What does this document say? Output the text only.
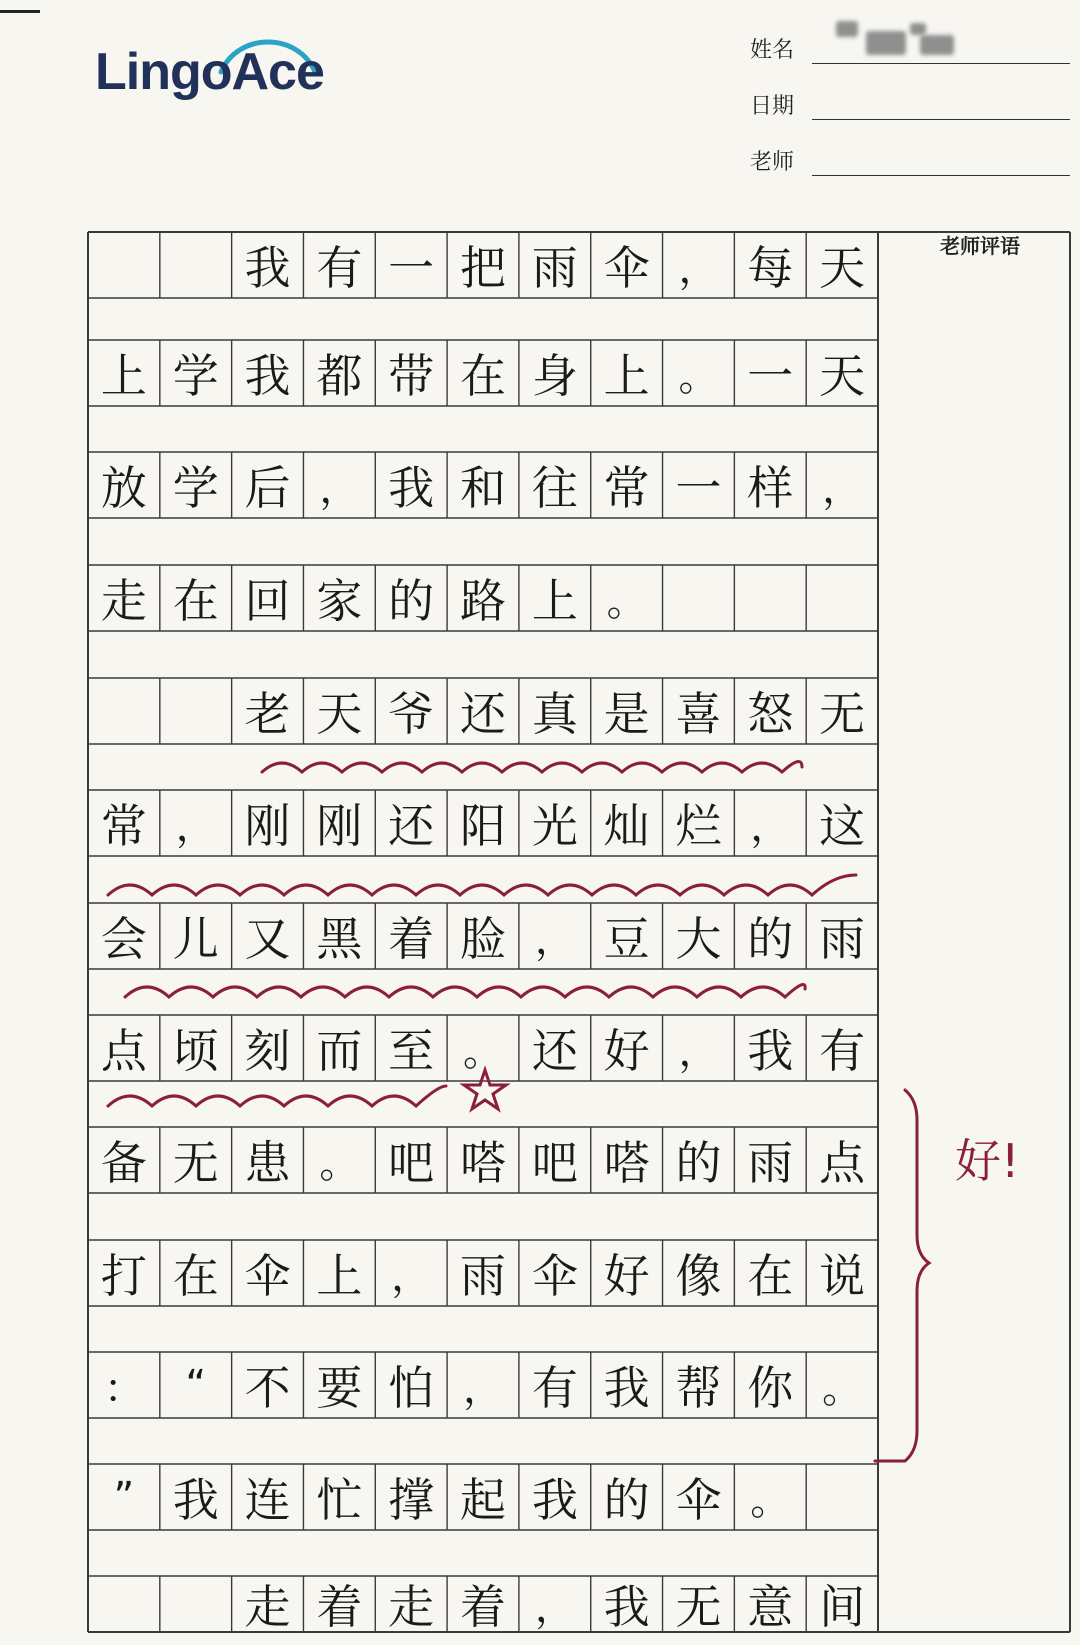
LingoAce	姓名
日期
老师
老师评语
我 有 一 把 雨 伞 ， 每 天
上 学 我 都 带 在 身 上 。 一 天
放 学 后 ， 我 和 往 常 一 样 ，
走 在 回 家 的 路 上 。
老 天 爷 还 真 是 喜 怒 无
常 ， 刚 刚 还 阳 光 灿 烂 ， 这
会 儿 又 黑 着 脸 ， 豆 大 的 雨
点 顷 刻 而 至 。 还 好 ， 我 有
备 无 患 。 吧 嗒 吧 嗒 的 雨 点
打 在 伞 上 ， 雨 伞 好 像 在 说
：	“ 不 要 怕 ， 有 我 帮 你 。
” 我 连 忙 撑 起 我 的 伞 。
走 着 走 着 ， 我 无 意 间
好!
